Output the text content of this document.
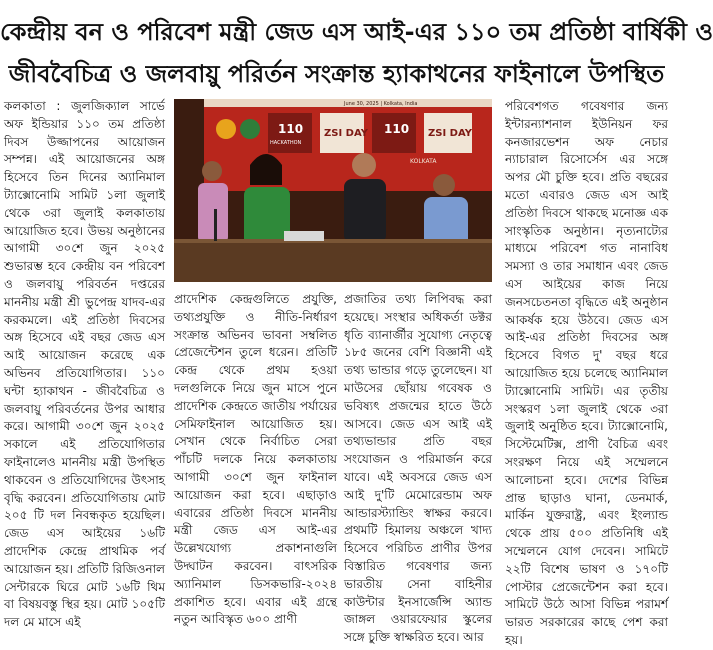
কেন্দ্রীয় বন ও পরিবেশ মন্ত্রী জেড এস আই-এর ১১০ তম প্রতিষ্ঠা বার্ষিকী ও
জীববৈচিত্র ও জলবায়ু পরির্তন সংক্রান্ত হ্যাকাথনের ফাইনালে উপস্থিত
June 30, 2025 | Kolkata, India
110
HACKATHON
ZSI DAY 110 ZSI DAY
KOLKATA

কলকাতা : জুলজিক্যাল সার্ভে অফ ইন্ডিয়ার ১১০ তম প্রতিষ্ঠা দিবস উজ্জাপনের আয়োজন সম্পন্ন। এই আয়োজনের অঙ্গ হিসেবে তিন দিনের অ্যানিমাল ট্যাক্সোনোমি সামিট ১লা জুলাই থেকে ৩রা জুলাই কলকাতায় আয়োজিত হবে। উভয় অনুষ্ঠানের আগামী ৩০শে জুন ২০২৫ শুভারম্ভ হবে কেন্দ্রীয় বন পরিবেশ ও জলবায়ু পরিবর্তন দপ্তরের মাননীয় মন্ত্রী শ্রী ভুপেন্দ্র যাদব-এর করকমলে। এই প্রতিষ্ঠা দিবসের অঙ্গ হিসেবে এই বছর জেড এস আই আয়োজন করেছে এক অভিনব প্রতিযোগিতার। ১১০ ঘন্টা হ্যাকাথন - জীববৈচিত্র ও জলবায়ু পরিবর্তনের উপর আধার করে। আগামী ৩০শে জুন ২০২৫ সকালে এই প্রতিযোগিতার ফাইনালেও মাননীয় মন্ত্রী উপস্থিত থাকবেন ও প্রতিযোগিদের উৎসাহ বৃদ্ধি করবেন। প্রতিযোগিতায় মোট ২০৫ টি দল নিবন্ধকৃত হয়েছিল। জেড এস আইয়ের ১৬টি প্রাদেশিক কেন্দ্রে প্রাথমিক পর্ব আয়োজন হয়। প্রতিটি রিজিওনাল সেন্টারকে ঘিরে মোট ১৬টি থিম বা বিষয়বস্তু স্থির হয়। মোট ১০৫টি দল মে মাসে এই

প্রাদেশিক কেন্দ্রগুলিতে প্রযুক্তি, তথ্যপ্রযুক্তি ও নীতি-নির্ধারণ সংক্রান্ত অভিনব ভাবনা সম্বলিত প্রেজেন্টেশন তুলে ধরেন। প্রতিটি কেন্দ্র থেকে প্রথম হওয়া দলগুলিকে নিয়ে জুন মাসে পুনে প্রাদেশিক কেন্দ্রতে জাতীয় পর্যায়ের সেমিফাইনাল আয়োজিত হয়। সেখান থেকে নির্বাচিত সেরা পাঁচটি দলকে নিয়ে কলকাতায় আগামী ৩০শে জুন ফাইনাল আয়োজন করা হবে। এছাড়াও এবারের প্রতিষ্ঠা দিবসে মাননীয় মন্ত্রী জেড এস আই-এর উল্লেখযোগ্য প্রকাশনাগুলি উদ্ঘাটন করবেন। বাৎসরিক অ্যানিমাল ডিসকভারি-২০২৪ প্রকাশিত হবে। এবার এই গ্রন্থে নতুন আবিস্কৃত ৬০০ প্রাণী

প্রজাতির তথ্য লিপিবদ্ধ করা হয়েছে। সংস্থার অধিকর্তা ডক্টর ধৃতি ব্যানার্জীর সুযোগ্য নেতৃত্বে ১৮৫ জনের বেশি বিজ্ঞানী এই তথ্য ভান্ডার গড়ে তুলেছেন। যা মাউসের ছোঁয়ায় গবেষক ও ভবিষ্যৎ প্রজন্মের হাতে উঠে আসবে। জেড এস আই এই তথ্যভান্ডার প্রতি বছর সংযোজন ও পরিমার্জন করে যাবে। এই অবসরে জেড এস আই দু'টি মেমোরেন্ডাম অফ আন্ডারস্ট্যান্ডিং স্বাক্ষর করবে। প্রথমটি হিমালয় অঞ্চলে খাদ্য হিসেবে পরিচিত প্রাণীর উপর বিস্তারিত গবেষণার জন্য ভারতীয় সেনা বাহিনীর কাউন্টার ইনসার্জেন্সি অ্যান্ড জাঙ্গল ওয়ারফেয়ার স্কুলের সঙ্গে চুক্তি স্বাক্ষরিত হবে। আর

পরিবেশগত গবেষণার জন্য ইন্টারন্যাশনাল ইউনিয়ন ফর কনজারভেশন অফ নেচার ন্যাচারাল রিসোর্সেস এর সঙ্গে অপর মৌ চুক্তি হবে। প্রতি বছরের মতো এবারও জেড এস আই প্রতিষ্ঠা দিবসে থাকছে মনোজ্ঞ এক সাংস্কৃতিক অনুষ্ঠান। নৃত্যনাট্যের মাধ্যমে পরিবেশ গত নানাবিধ সমস্যা ও তার সমাধান এবং জেড এস আইয়ের কাজ নিয়ে জনসচেতনতা বৃদ্ধিতে এই অনুষ্ঠান আকর্ষক হয়ে উঠবে। জেড এস আই-এর প্রতিষ্ঠা দিবসের অঙ্গ হিসেবে বিগত দু' বছর ধরে আয়োজিত হয়ে চলেছে অ্যানিমাল ট্যাক্সোনোমি সামিট। এর তৃতীয় সংস্করণ ১লা জুলাই থেকে ৩রা জুলাই অনুষ্ঠিত হবে। ট্যাক্সোনোমি, সিস্টেমেটিক্স, প্রাণী বৈচিত্র এবং সংরক্ষণ নিয়ে এই সম্মেলনে আলোচনা হবে। দেশের বিভিন্ন প্রান্ত ছাড়াও ঘানা, ডেনমার্ক, মার্কিন যুক্তরাষ্ট্র, এবং ইংল্যান্ড থেকে প্রায় ৫০০ প্রতিনিধি এই সম্মেলনে যোগ দেবেন। সামিটে ২২টি বিশেষ ভাষণ ও ১৭০টি পোস্টার প্রেজেন্টেশন করা হবে। সামিটে উঠে আসা বিভিন্ন পরামর্শ ভারত সরকারের কাছে পেশ করা হয়।
